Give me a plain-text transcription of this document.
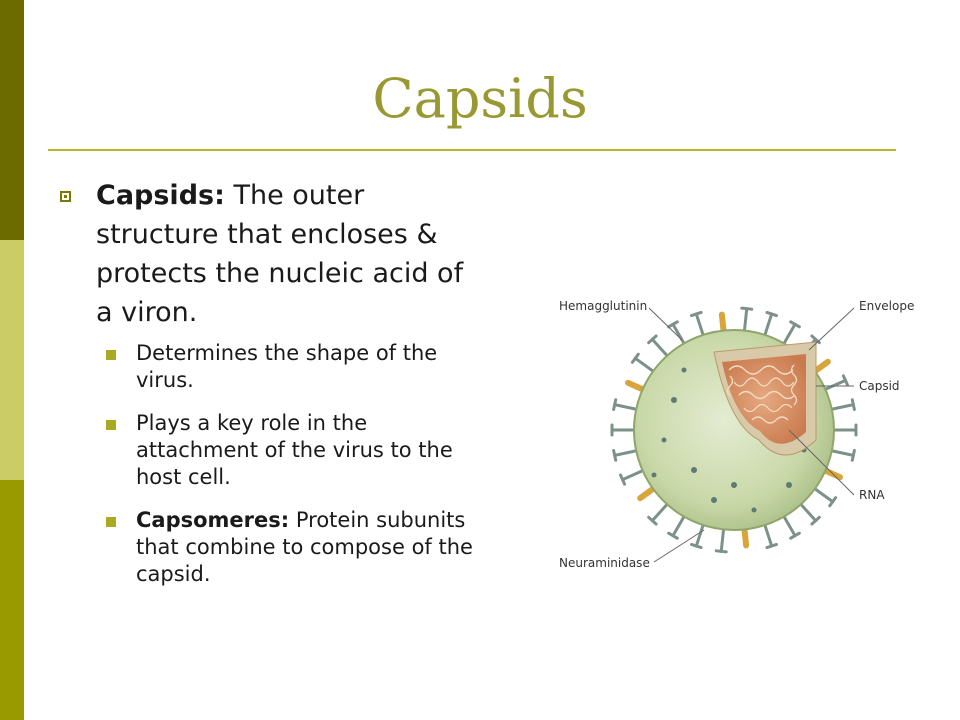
Capsids

Capsids: The outer structure that encloses & protects the nucleic acid of a viron.

Determines the shape of the virus.
Plays a key role in the attachment of the virus to the host cell.
Capsomeres: Protein subunits that combine to compose of the capsid.
Hemagglutinin	Envelope
Capsid
RNA
Neuraminidase
